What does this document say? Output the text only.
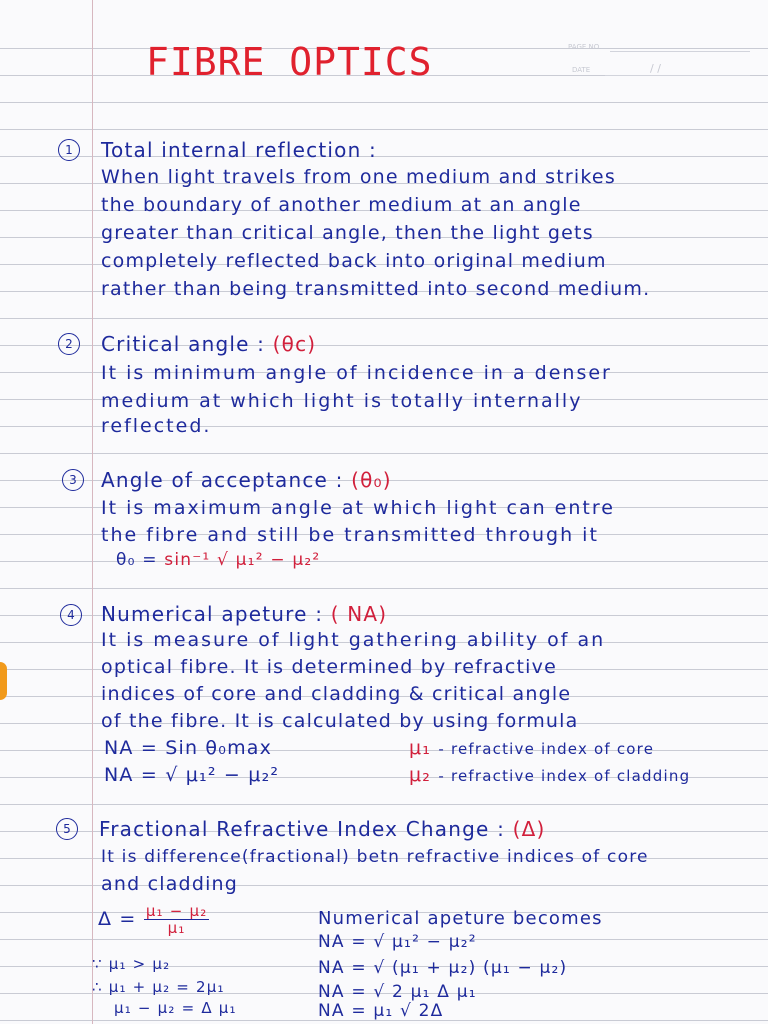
FIBRE OPTICS	PAGE NO.
DATE	/ /
1	Total internal reflection :
When light travels from one medium and strikes
the boundary of another medium at an angle
greater than critical angle, then the light gets
completely reflected back into original medium
rather than being transmitted into second medium.
2	Critical angle : (θc)
It is minimum angle of incidence in a denser
medium at which light is totally internally
reflected.
3	Angle of acceptance : (θ₀)
It is maximum angle at which light can entre
the fibre and still be transmitted through it
θ₀ = sin⁻¹ √ μ₁² − μ₂²
4	Numerical apeture : ( NA)
It is measure of light gathering ability of an
optical fibre. It is determined by refractive
indices of core and cladding & critical angle
of the fibre. It is calculated by using formula
NA = Sin θ₀max	μ₁ - refractive index of core
NA = √ μ₁² − μ₂²	μ₂ - refractive index of cladding
5	Fractional Refractive Index Change : (Δ)
It is difference(fractional) betn refractive indices of core
and cladding
$\Delta = \frac{\text{μ₁ − μ₂}}{\text{μ₁}}$
∵ μ₁ > μ₂
∴ μ₁ + μ₂ = 2μ₁
μ₁ − μ₂ = Δ μ₁
Numerical apeture becomes
NA = √ μ₁² − μ₂²
NA = √ (μ₁ + μ₂) (μ₁ − μ₂)
NA = √ 2 μ₁ Δ μ₁
NA = μ₁ √ 2Δ
